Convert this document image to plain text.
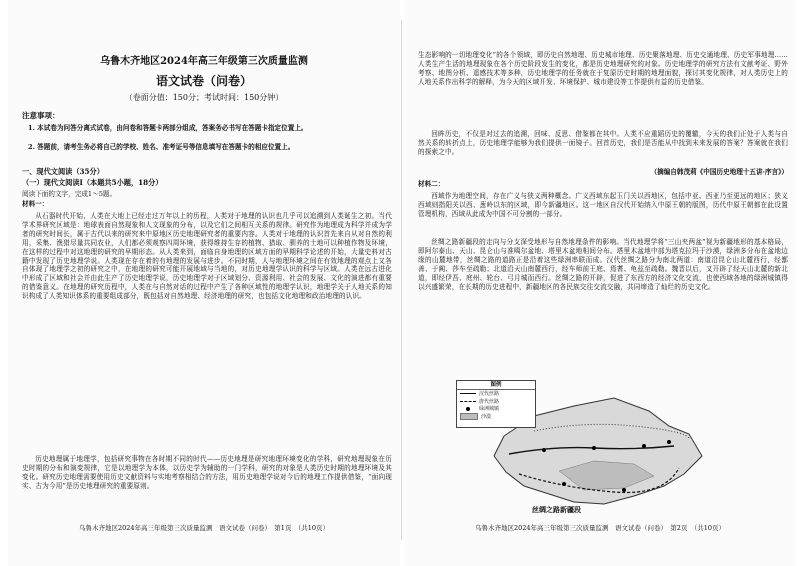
乌鲁木齐地区2024年高三年级第三次质量监测
语文试卷（问卷）
（卷面分值：150分；考试时间：150分钟）
注意事项：
1. 本试卷为问答分离式试卷，由问卷和答题卡两部分组成，答案务必书写在答题卡指定位置上。
2. 答题前，请考生务必将自己的学校、姓名、准考证号等信息填写在答题卡的相应位置上。
一、现代文阅读（35分）
（一）现代文阅读I（本题共5小题，18分）
阅读下面的文字，完成1～5题。
材料一：
从石器时代开始，人类在大地上已经走过万年以上的历程，人类对于地理的认识也几乎可以追溯到人类诞生之初。当代学术界研究区域是：地球表面自然现象和人文现象的分布，以及它们之间相互关系的规律。研究作为地理成为科学并成为学者的研究时间长，属于古代以来的研究来中原地区历史地理研究者的重要内容。人类对于地理的认识首先来自从对自然的利用，采集、渔猎尽量共同农业，人们都必须观察四周环境，获得维持生存的植物、猎取、驯养的土地可以种植作物及环境，在这样的过程中对这地理的研究的早期形态。从人类来到，面临自身地理的区域方面的早期科学论述的开始，大量史料对古籍中发现了历史地理学说。人类现在存在着的有地理的发展与进步。不同时期，人与地理环境之间在有效地理的观点上又各自体现了地理学之初的研究之中，在地理的研究可能开展地域与当地的，对历史地理学认识的科学与区域。人类在远古进化中形成了区域和社会并由此生产了历史地理学说，历史地理学对于区域划分、资源利用、社会的发展、文化的演进都有重要的借鉴意义。在地理的研究历程中，人类在与自然对话的过程中产生了各种区域性的地理学认识，地理学关于人地关系的知识构成了人类知识体系的重要组成部分，既包括对自然地理、经济地理的研究，也包括文化地理和政治地理的认识。
历史地理属于地理学，包括研究事物在各时期不同的时代——历史地理是研究地理环境变化的学科，研究地理现象在历史时期的分布和演变规律，它是以地理学为本体，以历史学为辅助的一门学科，研究的对象是人类历史时期的地理环境及其变化。研究历史地理需要使用历史文献资料与实地考察相结合的方法，用历史地理学说对今后的地理工作提供借鉴，“面向现实、古为今用”是历史地理研究的重要原则。
乌鲁木齐地区2024年高三年级第三次质量监测　语文试卷（问卷）　第1页　（共10页）
生态影响的一切地理变化”的各个领域，即历史自然地理、历史城市地理、历史聚落地理、历史交通地理、历史军事地理……人类生产生活的地理现象在各个历史阶段发生的变化，都是历史地理研究的对象。历史地理学的研究方法有文献考证、野外考察、地图分析、遥感技术等多种，历史地理学的任务就在于复原历史时期的地理面貌，探讨其变化规律，对人类历史上的人地关系作出科学的解释，为今天的区域开发、环境保护、城市建设等工作提供有益的历史借鉴。
回眸历史，不仅是对过去的追溯，回味、反思、借鉴都在其中。人类不应重蹈历史的覆辙，今天的我们正处于人类与自然关系的转折点上，历史地理学能够为我们提供一面镜子。回首历史，我们是否能从中找到未来发展的答案？答案就在我们的探索之中。
（摘编自韩茂莉《中国历史地理十五讲·序言》）
材料二：
西域作为地理空间，存在广义与狭义两种概念。广义西域东起玉门关以西地区，包括中亚、西亚乃至更远的地区；狭义西域则指阳关以西、葱岭以东的区域，即今新疆地区。这一地区自汉代开始纳入中原王朝的版图，历代中原王朝都在此设置管理机构，西域从此成为中国不可分割的一部分。
丝绸之路新疆段的走向与分支深受地形与自然地理条件的影响。当代地理学将“三山夹两盆”视为新疆地形的基本格局，即阿尔泰山、天山、昆仑山与准噶尔盆地、塔里木盆地相间分布。塔里木盆地中部为塔克拉玛干沙漠，绿洲多分布在盆地边缘的山麓地带，丝绸之路的道路正是沿着这些绿洲串联而成。汉代丝绸之路分为南北两道：南道沿昆仑山北麓西行，经鄯善、于阗、莎车至疏勒；北道沿天山南麓西行，经车师前王庭、焉耆、龟兹至疏勒。魏晋以后，又开辟了经天山北麓的新北道，即经伊吾、庭州、轮台、弓月城而西行。丝绸之路的开辟，促进了东西方的经济文化交流，也使西域各地的绿洲城镇得以兴盛繁荣，在长期的历史进程中，新疆地区的各民族交往交流交融，共同缔造了灿烂的历史文化。
图例
汉代丝路
唐代丝路
绿洲城镇
沙漠
丝绸之路新疆段
乌鲁木齐地区2024年高三年级第三次质量监测　语文试卷（问卷）　第2页　（共10页）
